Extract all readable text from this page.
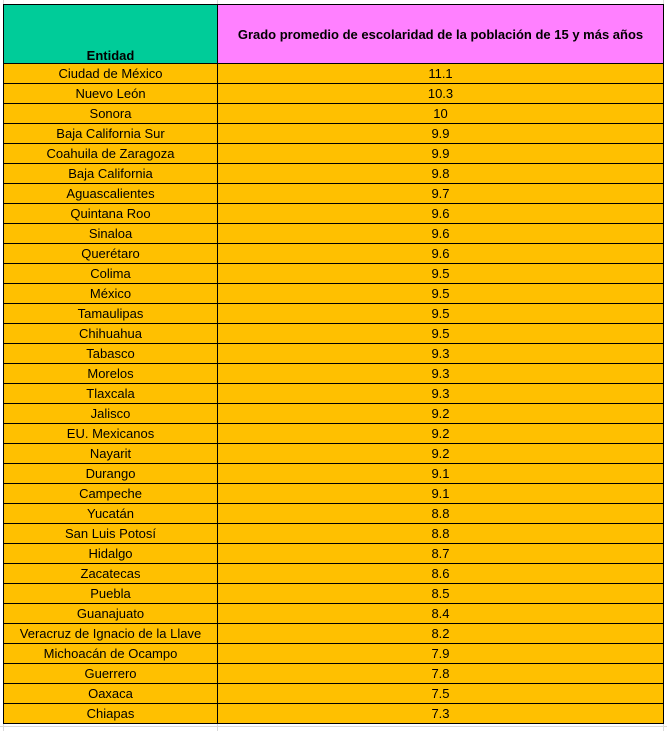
Entidad	Grado promedio de escolaridad de la población de 15 y más años
Ciudad de México	11.1
Nuevo León	10.3
Sonora	10
Baja California Sur	9.9
Coahuila de Zaragoza	9.9
Baja California	9.8
Aguascalientes	9.7
Quintana Roo	9.6
Sinaloa	9.6
Querétaro	9.6
Colima	9.5
México	9.5
Tamaulipas	9.5
Chihuahua	9.5
Tabasco	9.3
Morelos	9.3
Tlaxcala	9.3
Jalisco	9.2
EU. Mexicanos	9.2
Nayarit	9.2
Durango	9.1
Campeche	9.1
Yucatán	8.8
San Luis Potosí	8.8
Hidalgo	8.7
Zacatecas	8.6
Puebla	8.5
Guanajuato	8.4
Veracruz de Ignacio de la Llave	8.2
Michoacán de Ocampo	7.9
Guerrero	7.8
Oaxaca	7.5
Chiapas	7.3
